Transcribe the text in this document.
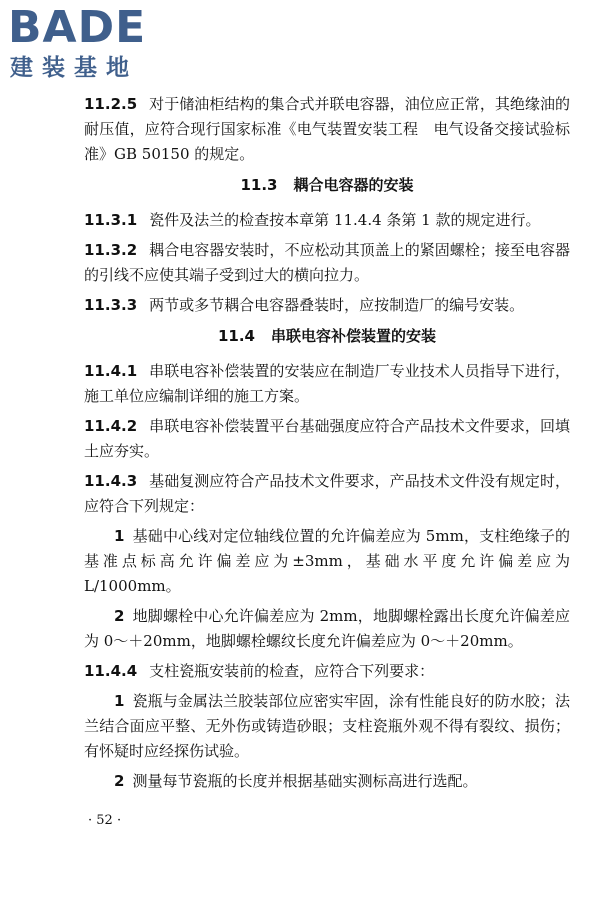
BADE
建装基地

11.2.5 对于储油柜结构的集合式并联电容器，油位应正常，其绝缘油的耐压值，应符合现行国家标准《电气装置安装工程　电气设备交接试验标准》GB 50150 的规定。

11.3 耦合电容器的安装

11.3.1 瓷件及法兰的检查按本章第 11.4.4 条第 1 款的规定进行。

11.3.2 耦合电容器安装时，不应松动其顶盖上的紧固螺栓；接至电容器的引线不应使其端子受到过大的横向拉力。

11.3.3 两节或多节耦合电容器叠装时，应按制造厂的编号安装。

11.4 串联电容补偿装置的安装

11.4.1 串联电容补偿装置的安装应在制造厂专业技术人员指导下进行，施工单位应编制详细的施工方案。

11.4.2 串联电容补偿装置平台基础强度应符合产品技术文件要求，回填土应夯实。

11.4.3 基础复测应符合产品技术文件要求，产品技术文件没有规定时，应符合下列规定：

1 基础中心线对定位轴线位置的允许偏差应为 5mm，支柱绝缘子的基准点标高允许偏差应为±3mm，基础水平度允许偏差应为 L/1000mm。

2 地脚螺栓中心允许偏差应为 2mm，地脚螺栓露出长度允许偏差应为 0～＋20mm，地脚螺栓螺纹长度允许偏差应为 0～＋20mm。

11.4.4 支柱瓷瓶安装前的检查，应符合下列要求：

1 瓷瓶与金属法兰胶装部位应密实牢固，涂有性能良好的防水胶；法兰结合面应平整、无外伤或铸造砂眼；支柱瓷瓶外观不得有裂纹、损伤；有怀疑时应经探伤试验。

2 测量每节瓷瓶的长度并根据基础实测标高进行选配。

· 52 ·
